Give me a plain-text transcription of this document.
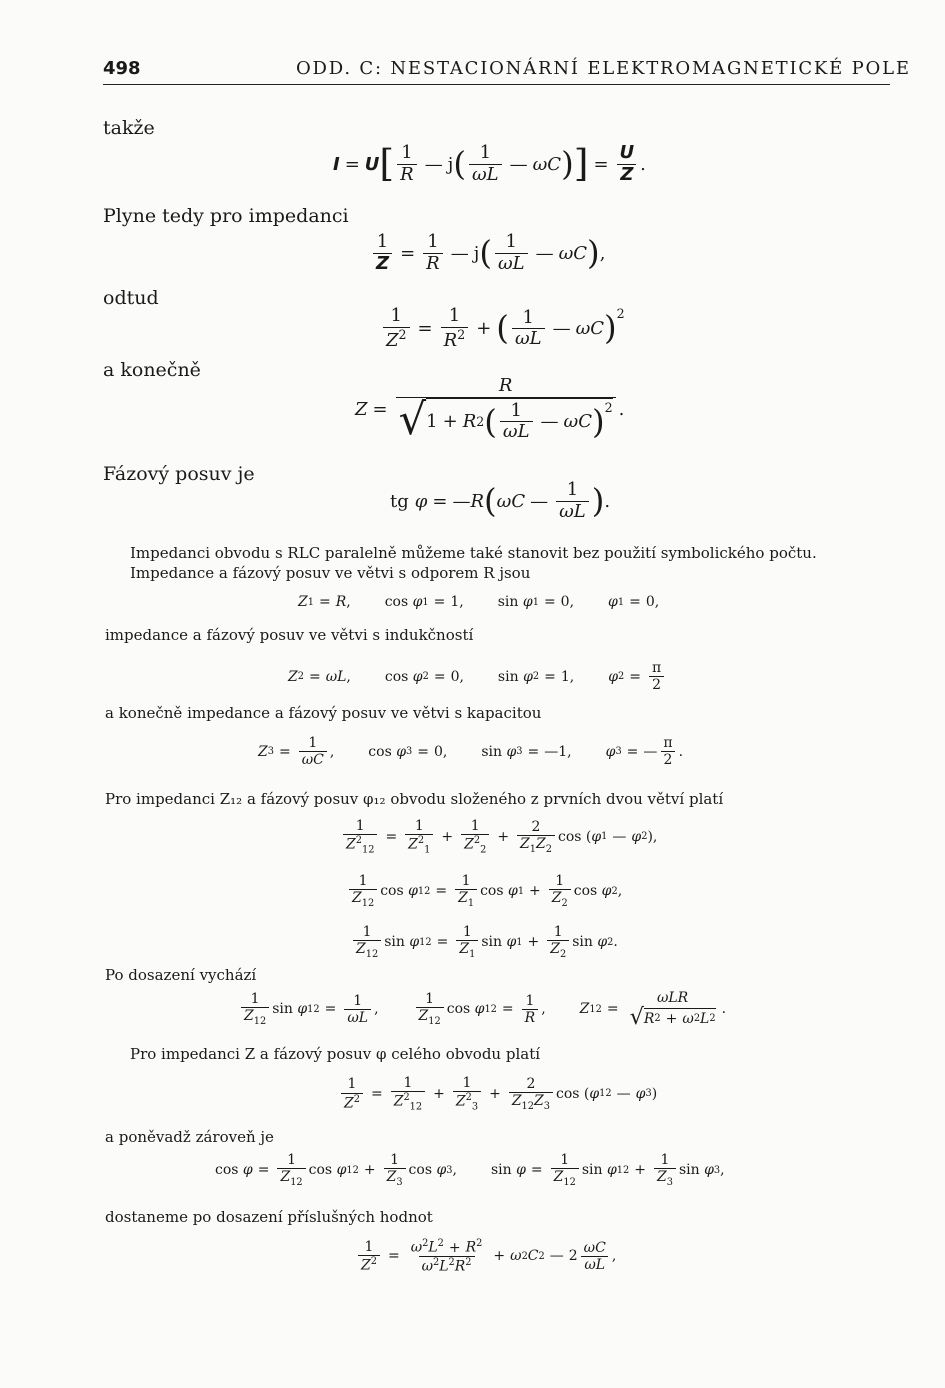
498	ODD. C: NESTACIONÁRNÍ ELEKTROMAGNETICKÉ POLE
takže
I = U [ 1
R — j ( 1
ωL — ωC ) ] = $\frac{U}{Z}$ .
Plyne tedy pro impedanci
$\frac{1}{Z} = \frac{1}{R}$ — j ( 1
ωL — ωC ) ,
odtud
$\frac{1}{Z^2} = \frac{1}{R^2}$ + ( 1
ωL — ωC )$^2$
a konečně
Z = R
√ 1 + R 2 ( 1
ωL
— ωC )$^2$ .
Fázový posuv je
tg φ = — R ( ωC —
1
ωL ) .
Impedanci obvodu s RLC paralelně můžeme také stanovit bez použití symbolického počtu.
Impedance a fázový posuv ve větvi s odporem R jsou
Z 1 = R ,
cos φ 1 = 1,
sin φ 1 = 0, φ 1 = 0,
impedance a fázový posuv ve větvi s indukčností
Z 2 = ωL ,
cos φ 2 = 0,
sin φ 2 = 1, φ $2 = \frac{\pi}{2}$
a konečně impedance a fázový posuv ve větvi s kapacitou
Z $3 = \frac{1}{\omega C}$ ,
cos φ 3 = 0,
sin φ 3 = —1, φ 3 = — $\frac{\pi}{2}$ .
Pro impedanci Z₁₂ a fázový posuv φ₁₂ obvodu složeného z prvních dvou větví platí
$\frac{1}{Z^2_{12}} = \frac{1}{Z^2_1} + \frac{1}{Z^2_2} + \frac{2}{Z_1Z_2}$ cos ( φ 1 — φ 2 ),
1
$Z_{12}$
cos φ $12 = \frac{1}{Z_1}$ cos φ $1 + \frac{1}{Z_2}$ cos φ 2 ,
1
$Z_{12}$
sin φ $12 = \frac{1}{Z_1}$ sin φ $1 + \frac{1}{Z_2}$ sin φ 2 .
Po dosazení vychází
1
$Z_{12}$
sin φ $12 = \frac{1}{\omega L}$ ,
1
$Z_{12}$
cos φ $12 = \frac{1}{R}$ , Z 12 =
ωLR
√ R 2 + ω 2 L 2
.
Pro impedanci Z a fázový posuv φ celého obvodu platí
$\frac{1}{Z^2} = \frac{1}{Z^2_{12}} + \frac{1}{Z^2_3} + \frac{2}{Z_{12}Z_3}$ cos ( φ 12 — φ 3 )
a poněvadž zároveň je
$\cos \varphi = \frac{1}{Z_{12}}$ cos φ $12 + \frac{1}{Z_3}$ cos φ 3 ,
$\sin \varphi = \frac{1}{Z_{12}}$ sin φ $12 + \frac{1}{Z_3}$ sin φ 3 ,
dostaneme po dosazení příslušných hodnot
$\frac{1}{Z^2} = \frac{\omega^2L^2 + R^2}{\omega^2L^2R^2} + \omega$ 2 C 2 — 2
ωC
ωL
,
